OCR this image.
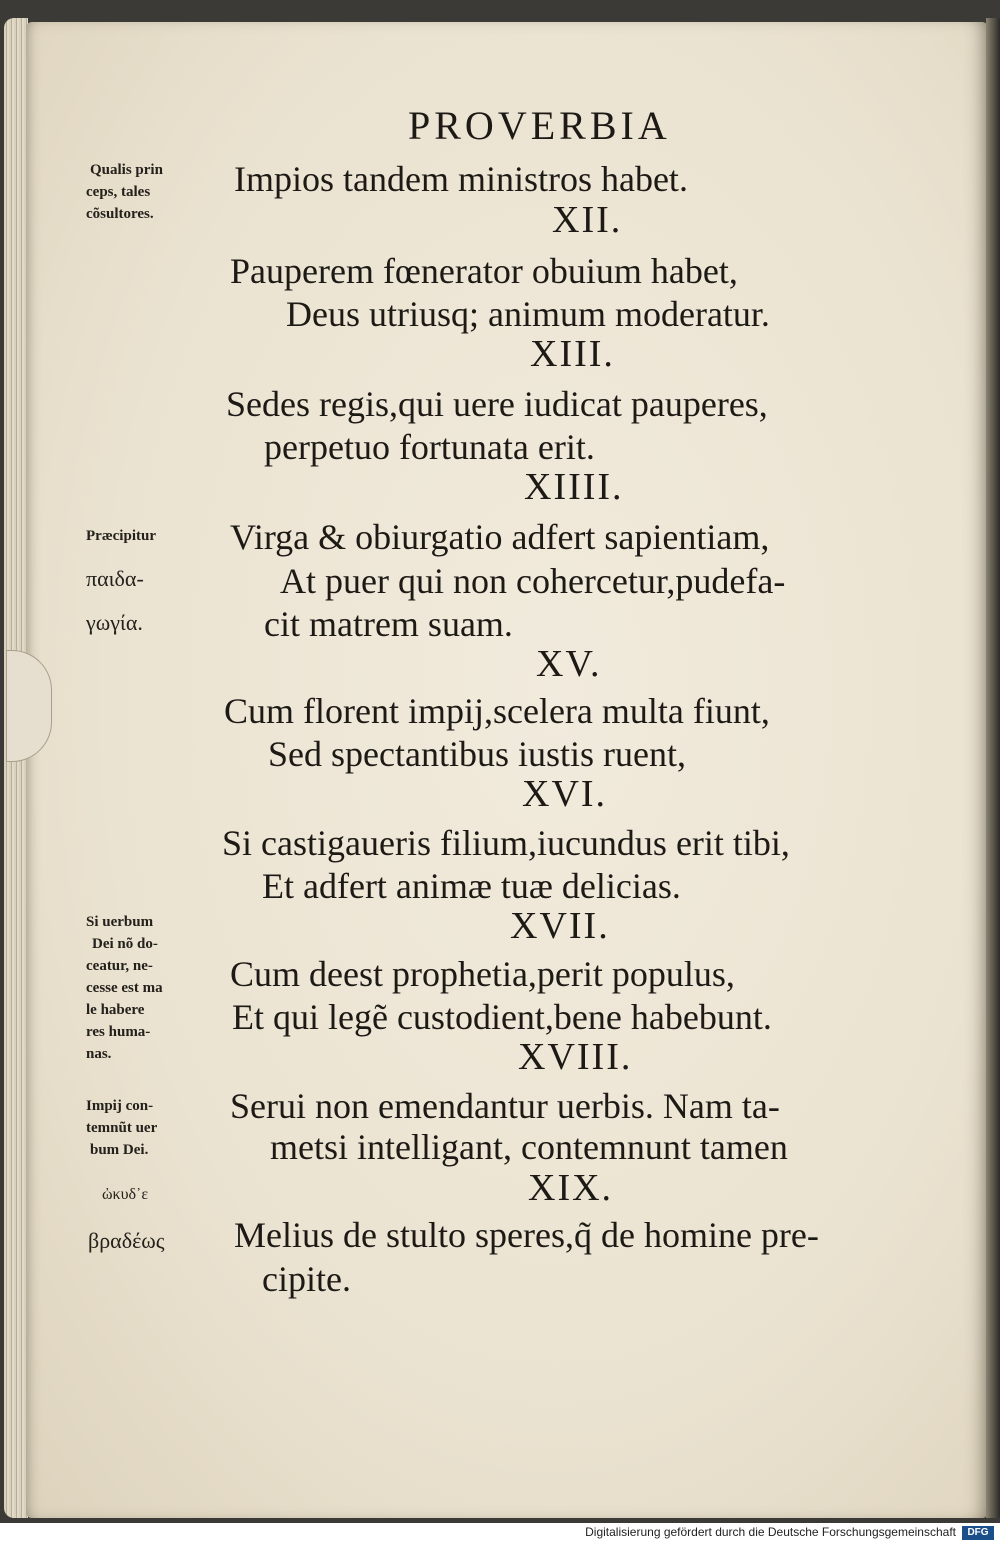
PROVERBIA
Impios tandem ministros habet.
XII.
Pauperem fœnerator obuium habet,
Deus utriusq; animum moderatur.
XIII.
Sedes regis,qui uere iudicat pauperes,
perpetuo fortunata erit.
XIIII.
Virga & obiurgatio adfert sapientiam,
At puer qui non cohercetur,pudefa-
cit matrem suam.
XV.
Cum florent impij,scelera multa fiunt,
Sed spectantibus iustis ruent,
XVI.
Si castigaueris filium,iucundus erit tibi,
Et adfert animæ tuæ delicias.
XVII.
Cum deest prophetia,perit populus,
Et qui legẽ custodient,bene habebunt.
XVIII.
Serui non emendantur uerbis. Nam ta-
metsi intelligant, contemnunt tamen
XIX.
Melius de stulto speres,q̃ de homine pre-
cipite.
Qualis prin
ceps, tales
cõsultores.
Præcipitur
παιδα-
γωγία.
Si uerbum
Dei nõ do-
ceatur, ne-
cesse est ma
le habere
res huma-
nas.
Impij con-
temnũt uer
bum Dei.
ὠκυδ᾽ε
βραδέως
Digitalisierung gefördert durch die Deutsche Forschungsgemeinschaft	DFG
